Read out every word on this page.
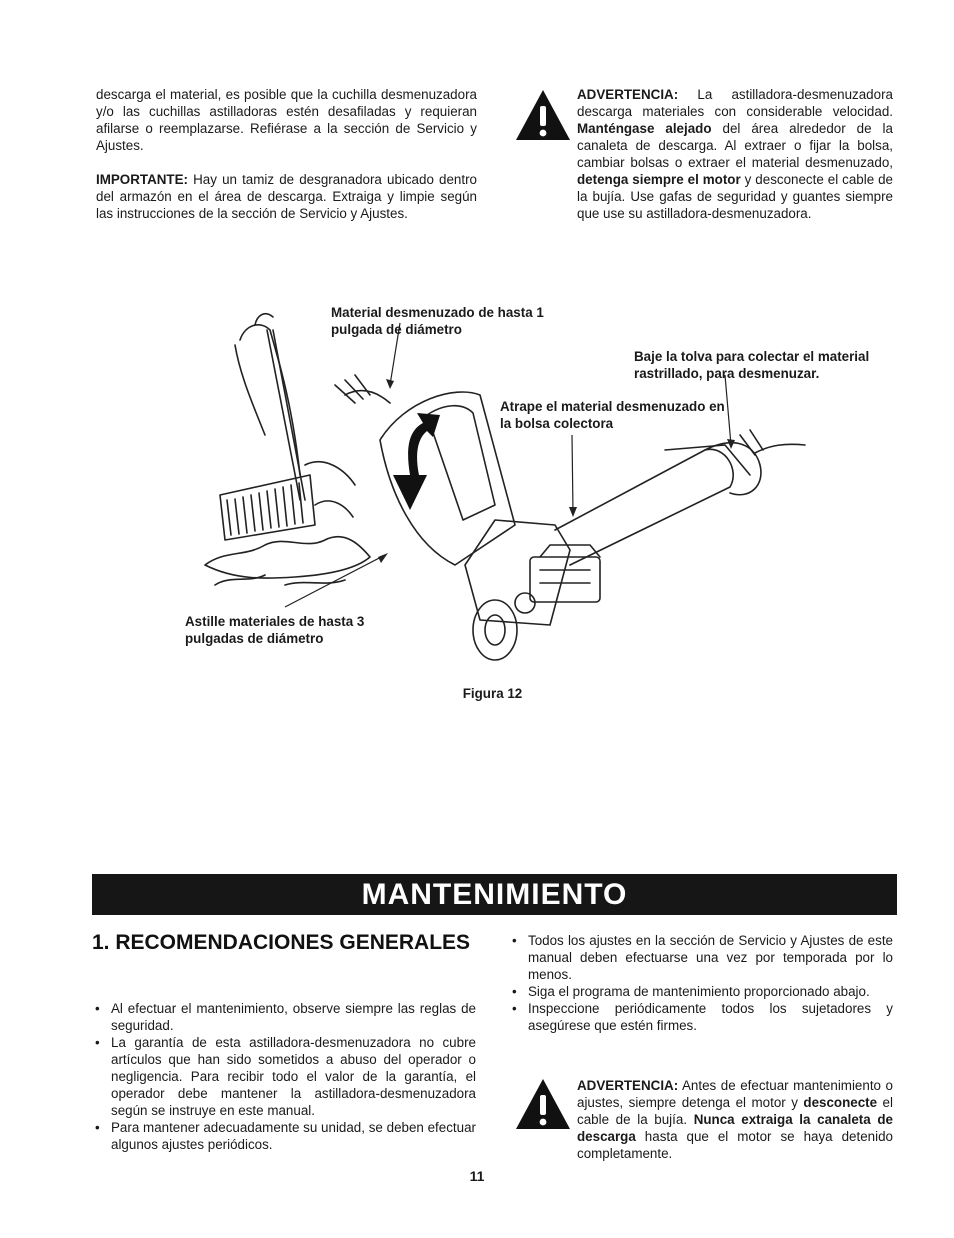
descarga el material, es posible que la cuchilla desmenuzadora y/o las cuchillas astilladoras estén desafiladas y requieran afilarse o reemplazarse. Refiérase a la sección de Servicio y Ajustes.

IMPORTANTE: Hay un tamiz de desgranadora ubicado dentro del armazón en el área de descarga. Extraiga y limpie según las instrucciones de la sección de Servicio y Ajustes.

ADVERTENCIA: La astilladora-desmenuzadora descarga materiales con considerable velocidad. Manténgase alejado del área alrededor de la canaleta de descarga. Al extraer o fijar la bolsa, cambiar bolsas o extraer el material desmenuzado, detenga siempre el motor y desconecte el cable de la bujía. Use gafas de seguridad y guantes siempre que use su astilladora-desmenuzadora.

Material desmenuzado de hasta 1 pulgada de diámetro
Baje la tolva para colectar el material rastrillado, para desmenuzar.
Atrape el material desmenuzado en la bolsa colectora
Astille materiales de hasta 3 pulgadas de diámetro
Figura 12
MANTENIMIENTO
1. RECOMENDACIONES GENERALES
• Al efectuar el mantenimiento, observe siempre las reglas de seguridad.
• La garantía de esta astilladora-desmenuzadora no cubre artículos que han sido sometidos a abuso del operador o negligencia. Para recibir todo el valor de la garantía, el operador debe mantener la astilladora-desmenuzadora según se instruye en este manual.
• Para mantener adecuadamente su unidad, se deben efectuar algunos ajustes periódicos.
• Todos los ajustes en la sección de Servicio y Ajustes de este manual deben efectuarse una vez por temporada por lo menos.
• Siga el programa de mantenimiento proporcionado abajo.
• Inspeccione periódicamente todos los sujetadores y asegúrese que estén firmes.

ADVERTENCIA: Antes de efectuar mantenimiento o ajustes, siempre detenga el motor y desconecte el cable de la bujía. Nunca extraiga la canaleta de descarga hasta que el motor se haya detenido completamente.

11
